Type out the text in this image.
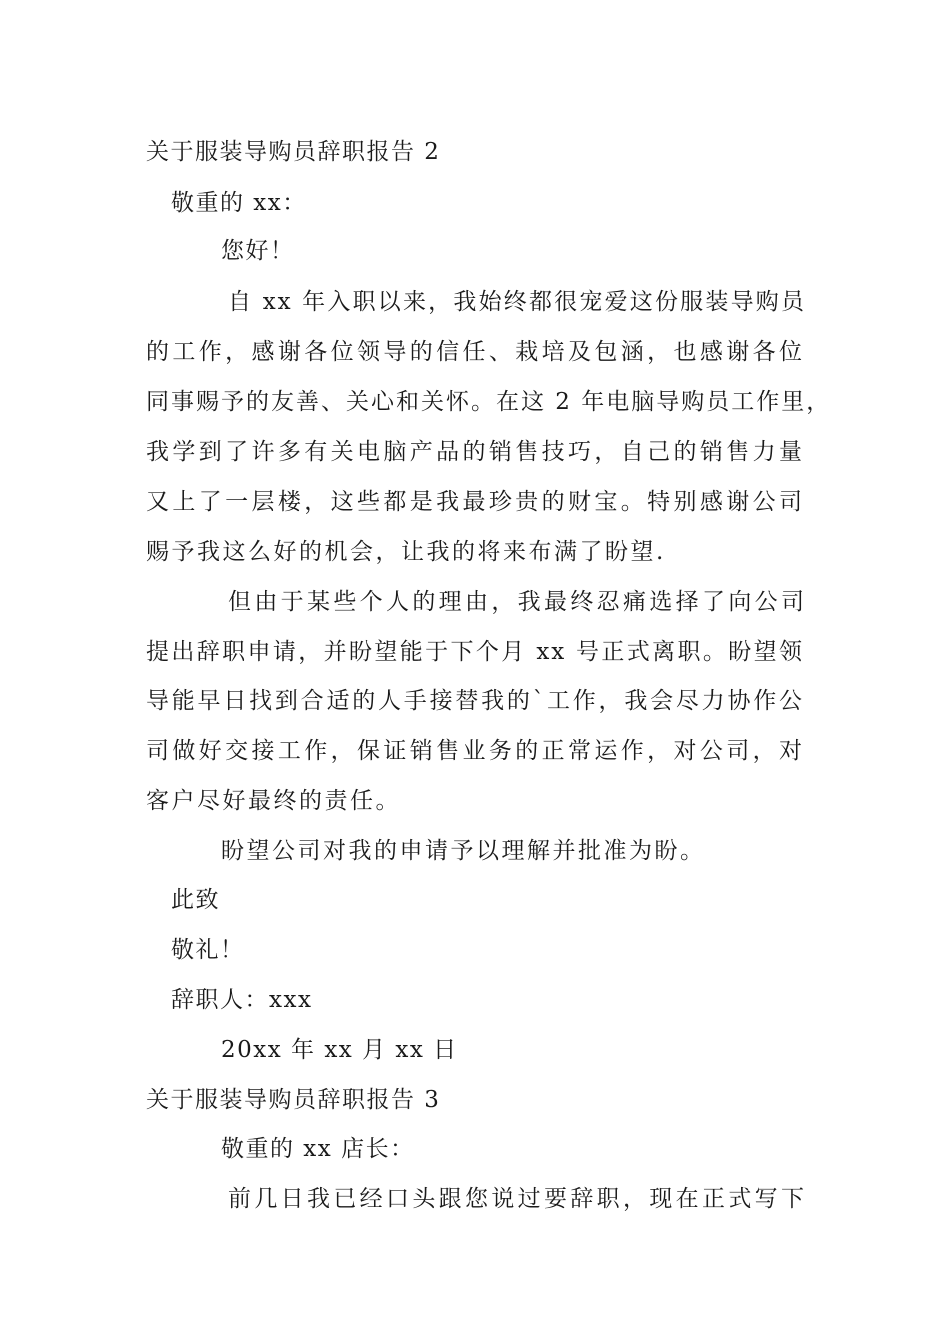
关于服装导购员辞职报告 2
敬重的 xx：
您好！
自 xx 年入职以来，我始终都很宠爱这份服装导购员
的工作，感谢各位领导的信任、栽培及包涵，也感谢各位
同事赐予的友善、关心和关怀。在这 2 年电脑导购员工作里，
我学到了许多有关电脑产品的销售技巧，自己的销售力量
又上了一层楼，这些都是我最珍贵的财宝。特别感谢公司
赐予我这么好的机会，让我的将来布满了盼望.
但由于某些个人的理由，我最终忍痛选择了向公司
提出辞职申请，并盼望能于下个月 xx 号正式离职。盼望领
导能早日找到合适的人手接替我的`工作，我会尽力协作公
司做好交接工作，保证销售业务的正常运作，对公司，对
客户尽好最终的责任。
盼望公司对我的申请予以理解并批准为盼。
此致
敬礼！
辞职人：xxx
20xx 年 xx 月 xx 日
关于服装导购员辞职报告 3
敬重的 xx 店长：
前几日我已经口头跟您说过要辞职，现在正式写下
